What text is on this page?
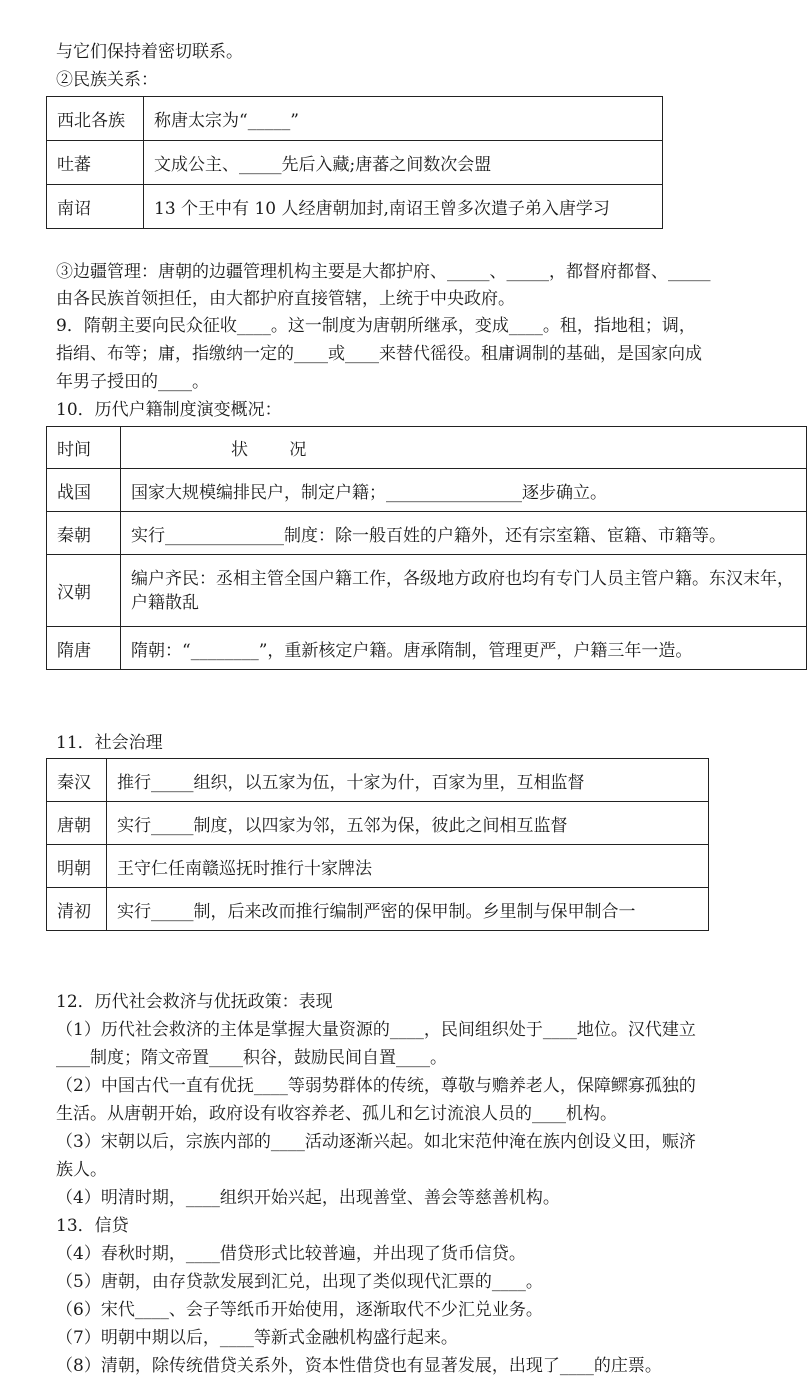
与它们保持着密切联系。
②民族关系：
西北各族	称唐太宗为“_____”
吐蕃	文成公主、_____先后入藏;唐蕃之间数次会盟
南诏	13 个王中有 10 人经唐朝加封,南诏王曾多次遣子弟入唐学习
③边疆管理：唐朝的边疆管理机构主要是大都护府、_____、_____，都督府都督、_____
由各民族首领担任，由大都护府直接管辖，上统于中央政府。
9．隋朝主要向民众征收____。这一制度为唐朝所继承，变成____。租，指地租；调，
指绢、布等；庸，指缴纳一定的____或____来替代徭役。租庸调制的基础，是国家向成
年男子授田的____。
10．历代户籍制度演变概况：
时间	状 况
战国	国家大规模编排民户，制定户籍；________________逐步确立。
秦朝	实行______________制度：除一般百姓的户籍外，还有宗室籍、宦籍、市籍等。
汉朝	编户齐民：丞相主管全国户籍工作，各级地方政府也均有专门人员主管户籍。东汉末年，户籍散乱
隋唐	隋朝：“________”，重新核定户籍。唐承隋制，管理更严，户籍三年一造。
11．社会治理
秦汉	推行_____组织，以五家为伍，十家为什，百家为里，互相监督
唐朝	实行_____制度，以四家为邻，五邻为保，彼此之间相互监督
明朝	王守仁任南赣巡抚时推行十家牌法
清初	实行_____制，后来改而推行编制严密的保甲制。乡里制与保甲制合一
12．历代社会救济与优抚政策：表现
（1）历代社会救济的主体是掌握大量资源的____，民间组织处于____地位。汉代建立
____制度；隋文帝置____积谷，鼓励民间自置____。
（2）中国古代一直有优抚____等弱势群体的传统，尊敬与赡养老人，保障鳏寡孤独的
生活。从唐朝开始，政府设有收容养老、孤儿和乞讨流浪人员的____机构。
（3）宋朝以后，宗族内部的____活动逐渐兴起。如北宋范仲淹在族内创设义田，赈济
族人。
（4）明清时期，____组织开始兴起，出现善堂、善会等慈善机构。
13．信贷
（4）春秋时期，____借贷形式比较普遍，并出现了货币信贷。
（5）唐朝，由存贷款发展到汇兑，出现了类似现代汇票的____。
（6）宋代____、会子等纸币开始使用，逐渐取代不少汇兑业务。
（7）明朝中期以后，____等新式金融机构盛行起来。
（8）清朝，除传统借贷关系外，资本性借贷也有显著发展，出现了____的庄票。
